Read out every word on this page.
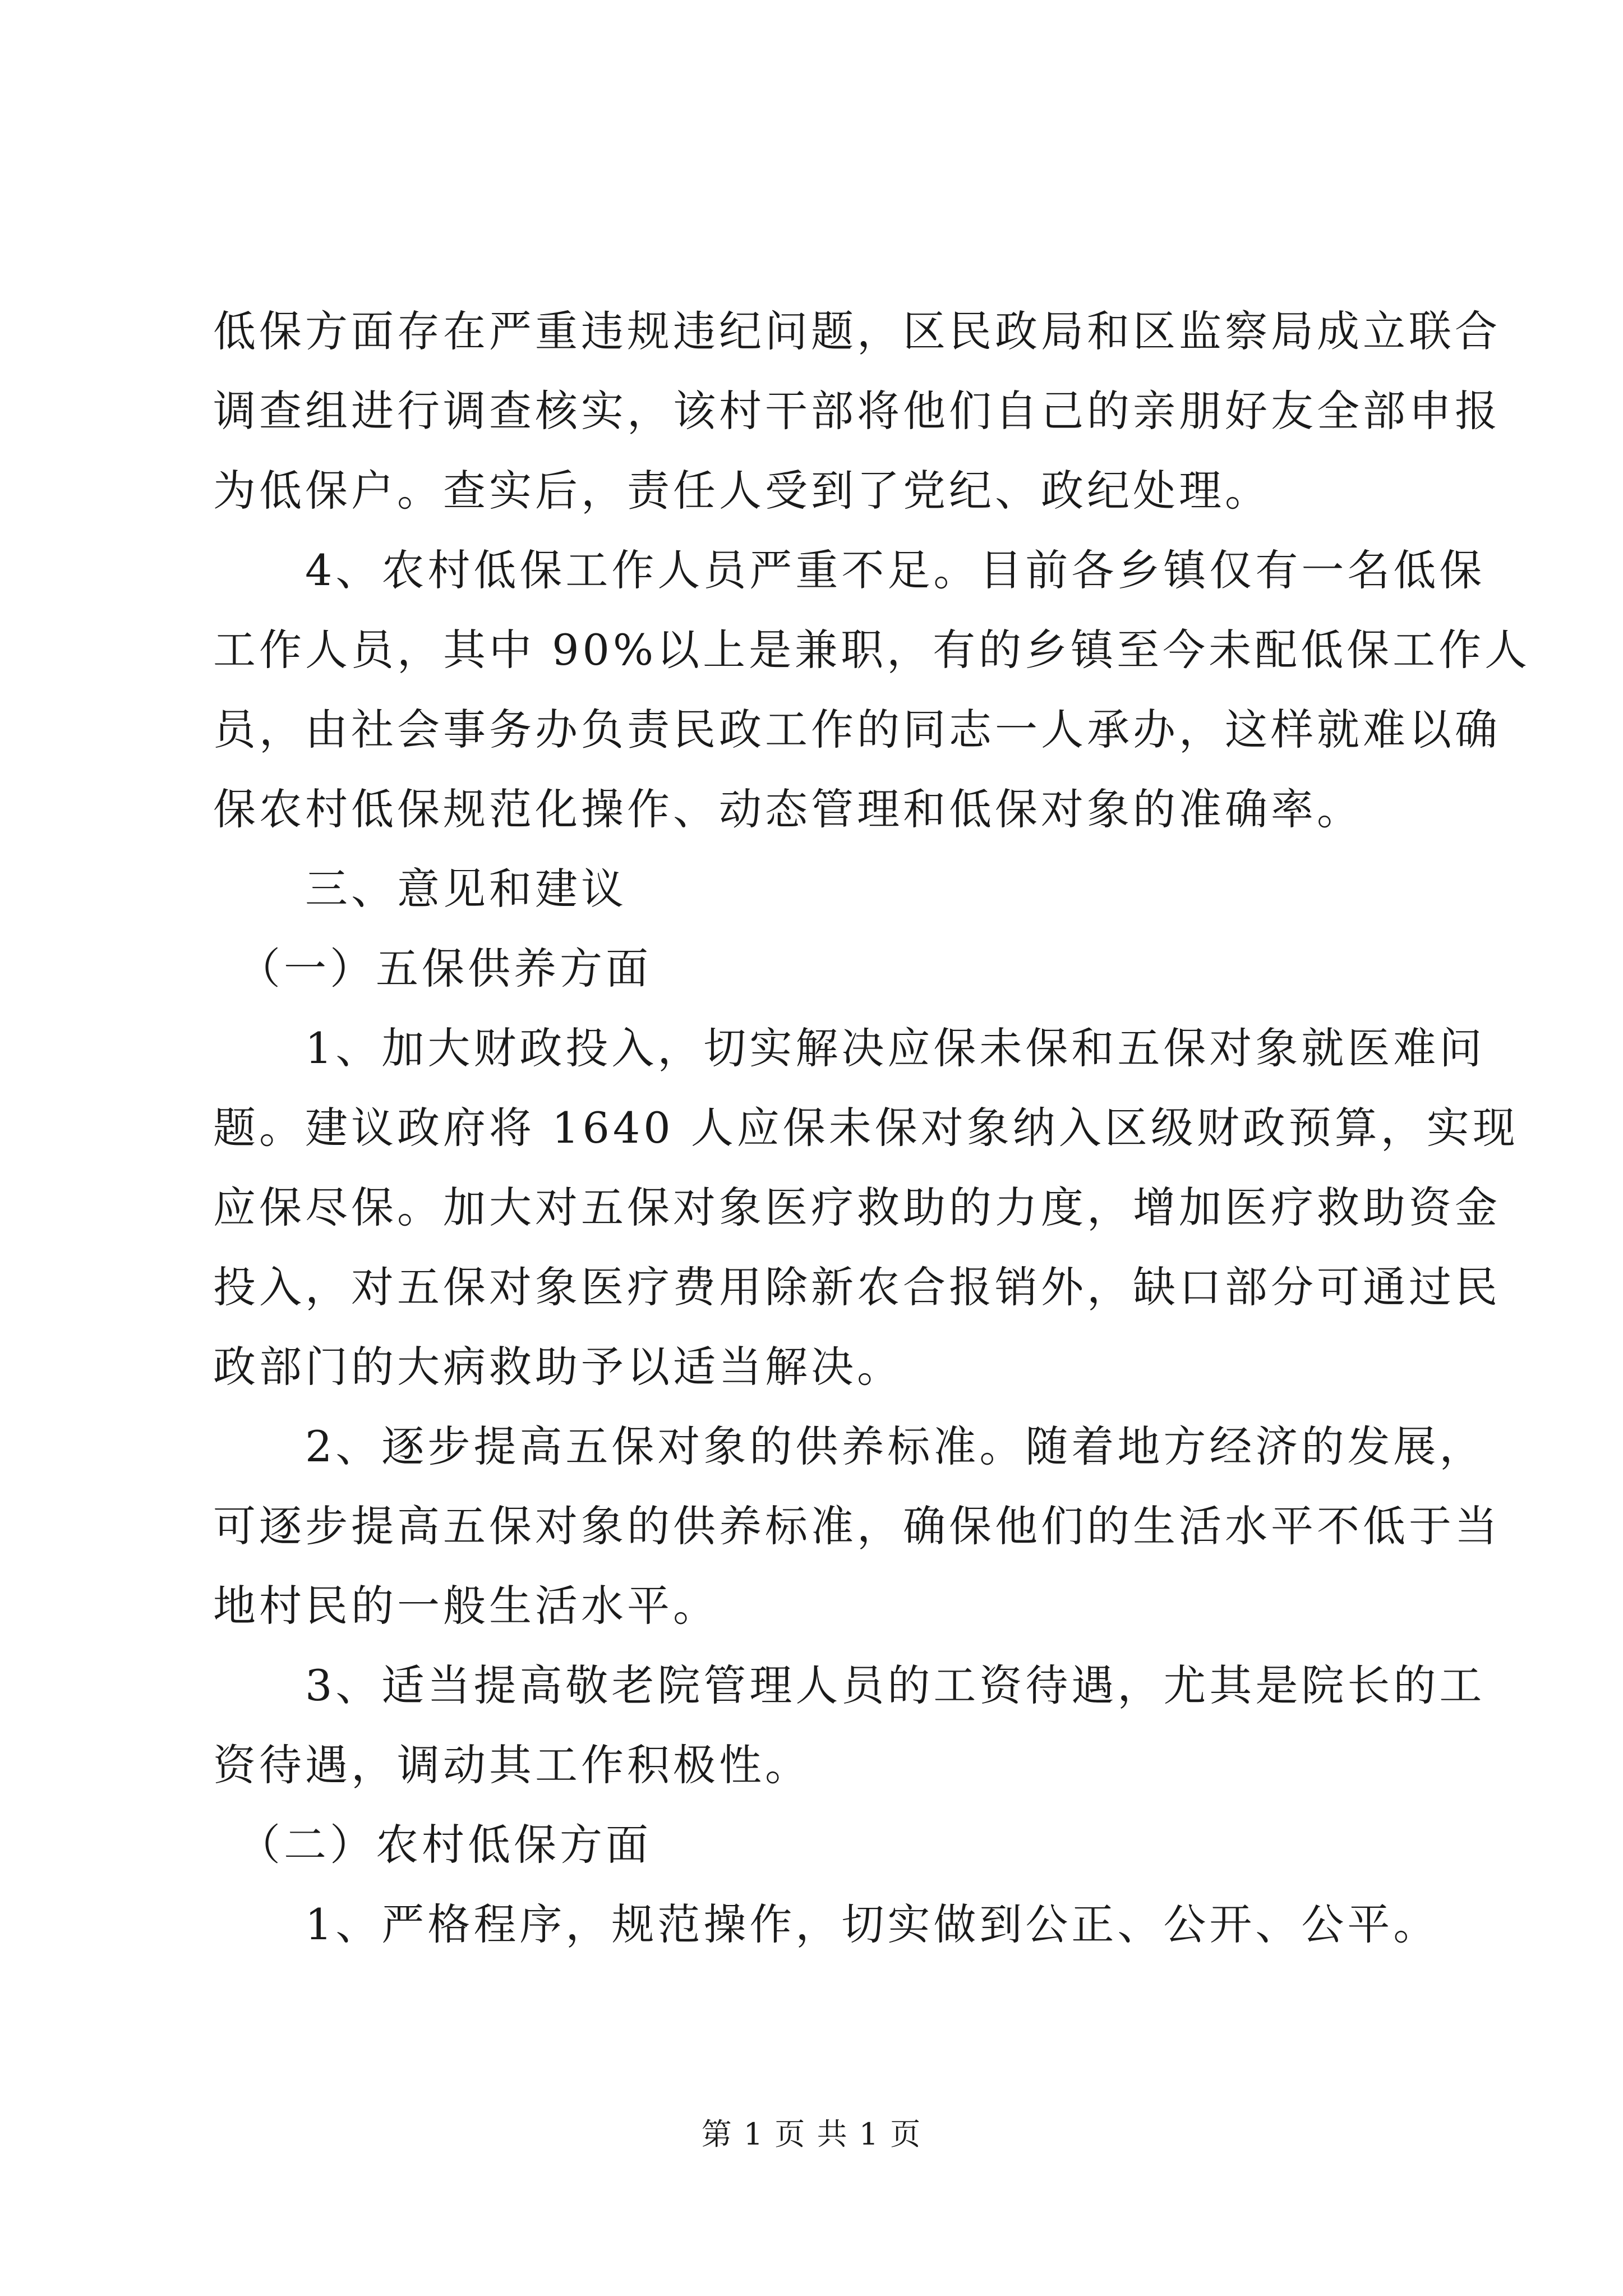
低保方面存在严重违规违纪问题，区民政局和区监察局成立联合
调查组进行调查核实，该村干部将他们自己的亲朋好友全部申报
为低保户。查实后，责任人受到了党纪、政纪处理。
　　4、农村低保工作人员严重不足。目前各乡镇仅有一名低保
工作人员，其中 90%以上是兼职，有的乡镇至今未配低保工作人
员，由社会事务办负责民政工作的同志一人承办，这样就难以确
保农村低保规范化操作、动态管理和低保对象的准确率。
　　三、意见和建议
　（一）五保供养方面
　　1、加大财政投入，切实解决应保未保和五保对象就医难问
题。建议政府将 1640 人应保未保对象纳入区级财政预算，实现
应保尽保。加大对五保对象医疗救助的力度，增加医疗救助资金
投入，对五保对象医疗费用除新农合报销外，缺口部分可通过民
政部门的大病救助予以适当解决。
　　2、逐步提高五保对象的供养标准。随着地方经济的发展，
可逐步提高五保对象的供养标准，确保他们的生活水平不低于当
地村民的一般生活水平。
　　3、适当提高敬老院管理人员的工资待遇，尤其是院长的工
资待遇，调动其工作积极性。
　（二）农村低保方面
　　1、严格程序，规范操作，切实做到公正、公开、公平。
第 1 页 共 1 页
